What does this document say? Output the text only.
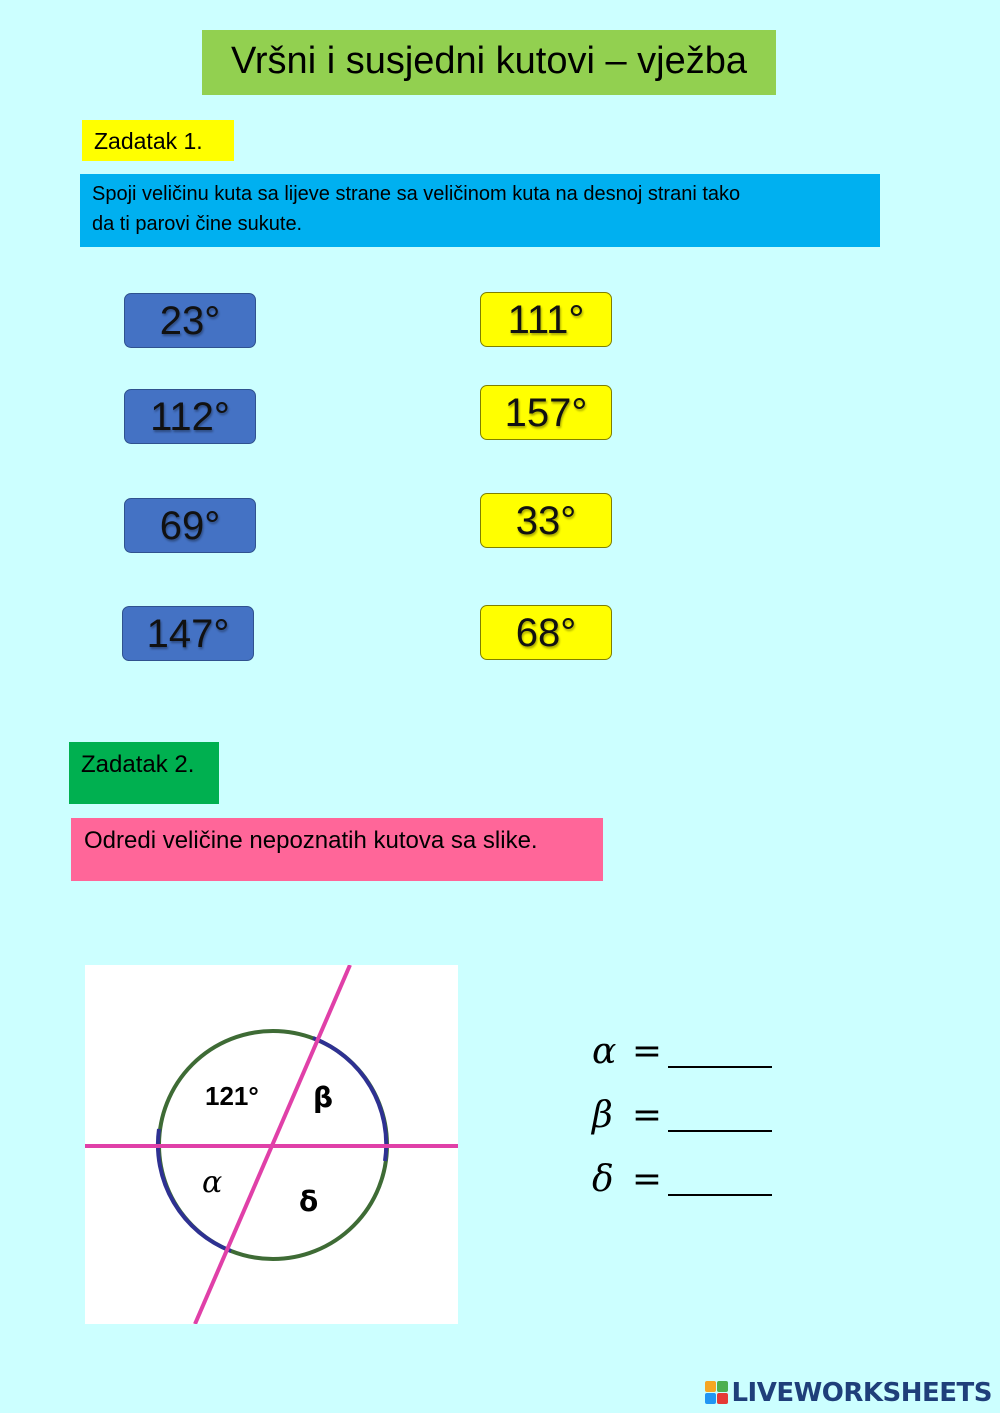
Vršni i susjedni kutovi – vježba
Zadatak 1.
Spoji veličinu kuta sa lijeve strane sa veličinom kuta na desnoj strani tako
da ti parovi čine sukute.
23°
112°
69°
147°
111°
157°
33°
68°
Zadatak 2.
Odredi veličine nepoznatih kutova sa slike.
121° β
α
δ
α =
β =
δ =
LIVEWORKSHEETS
